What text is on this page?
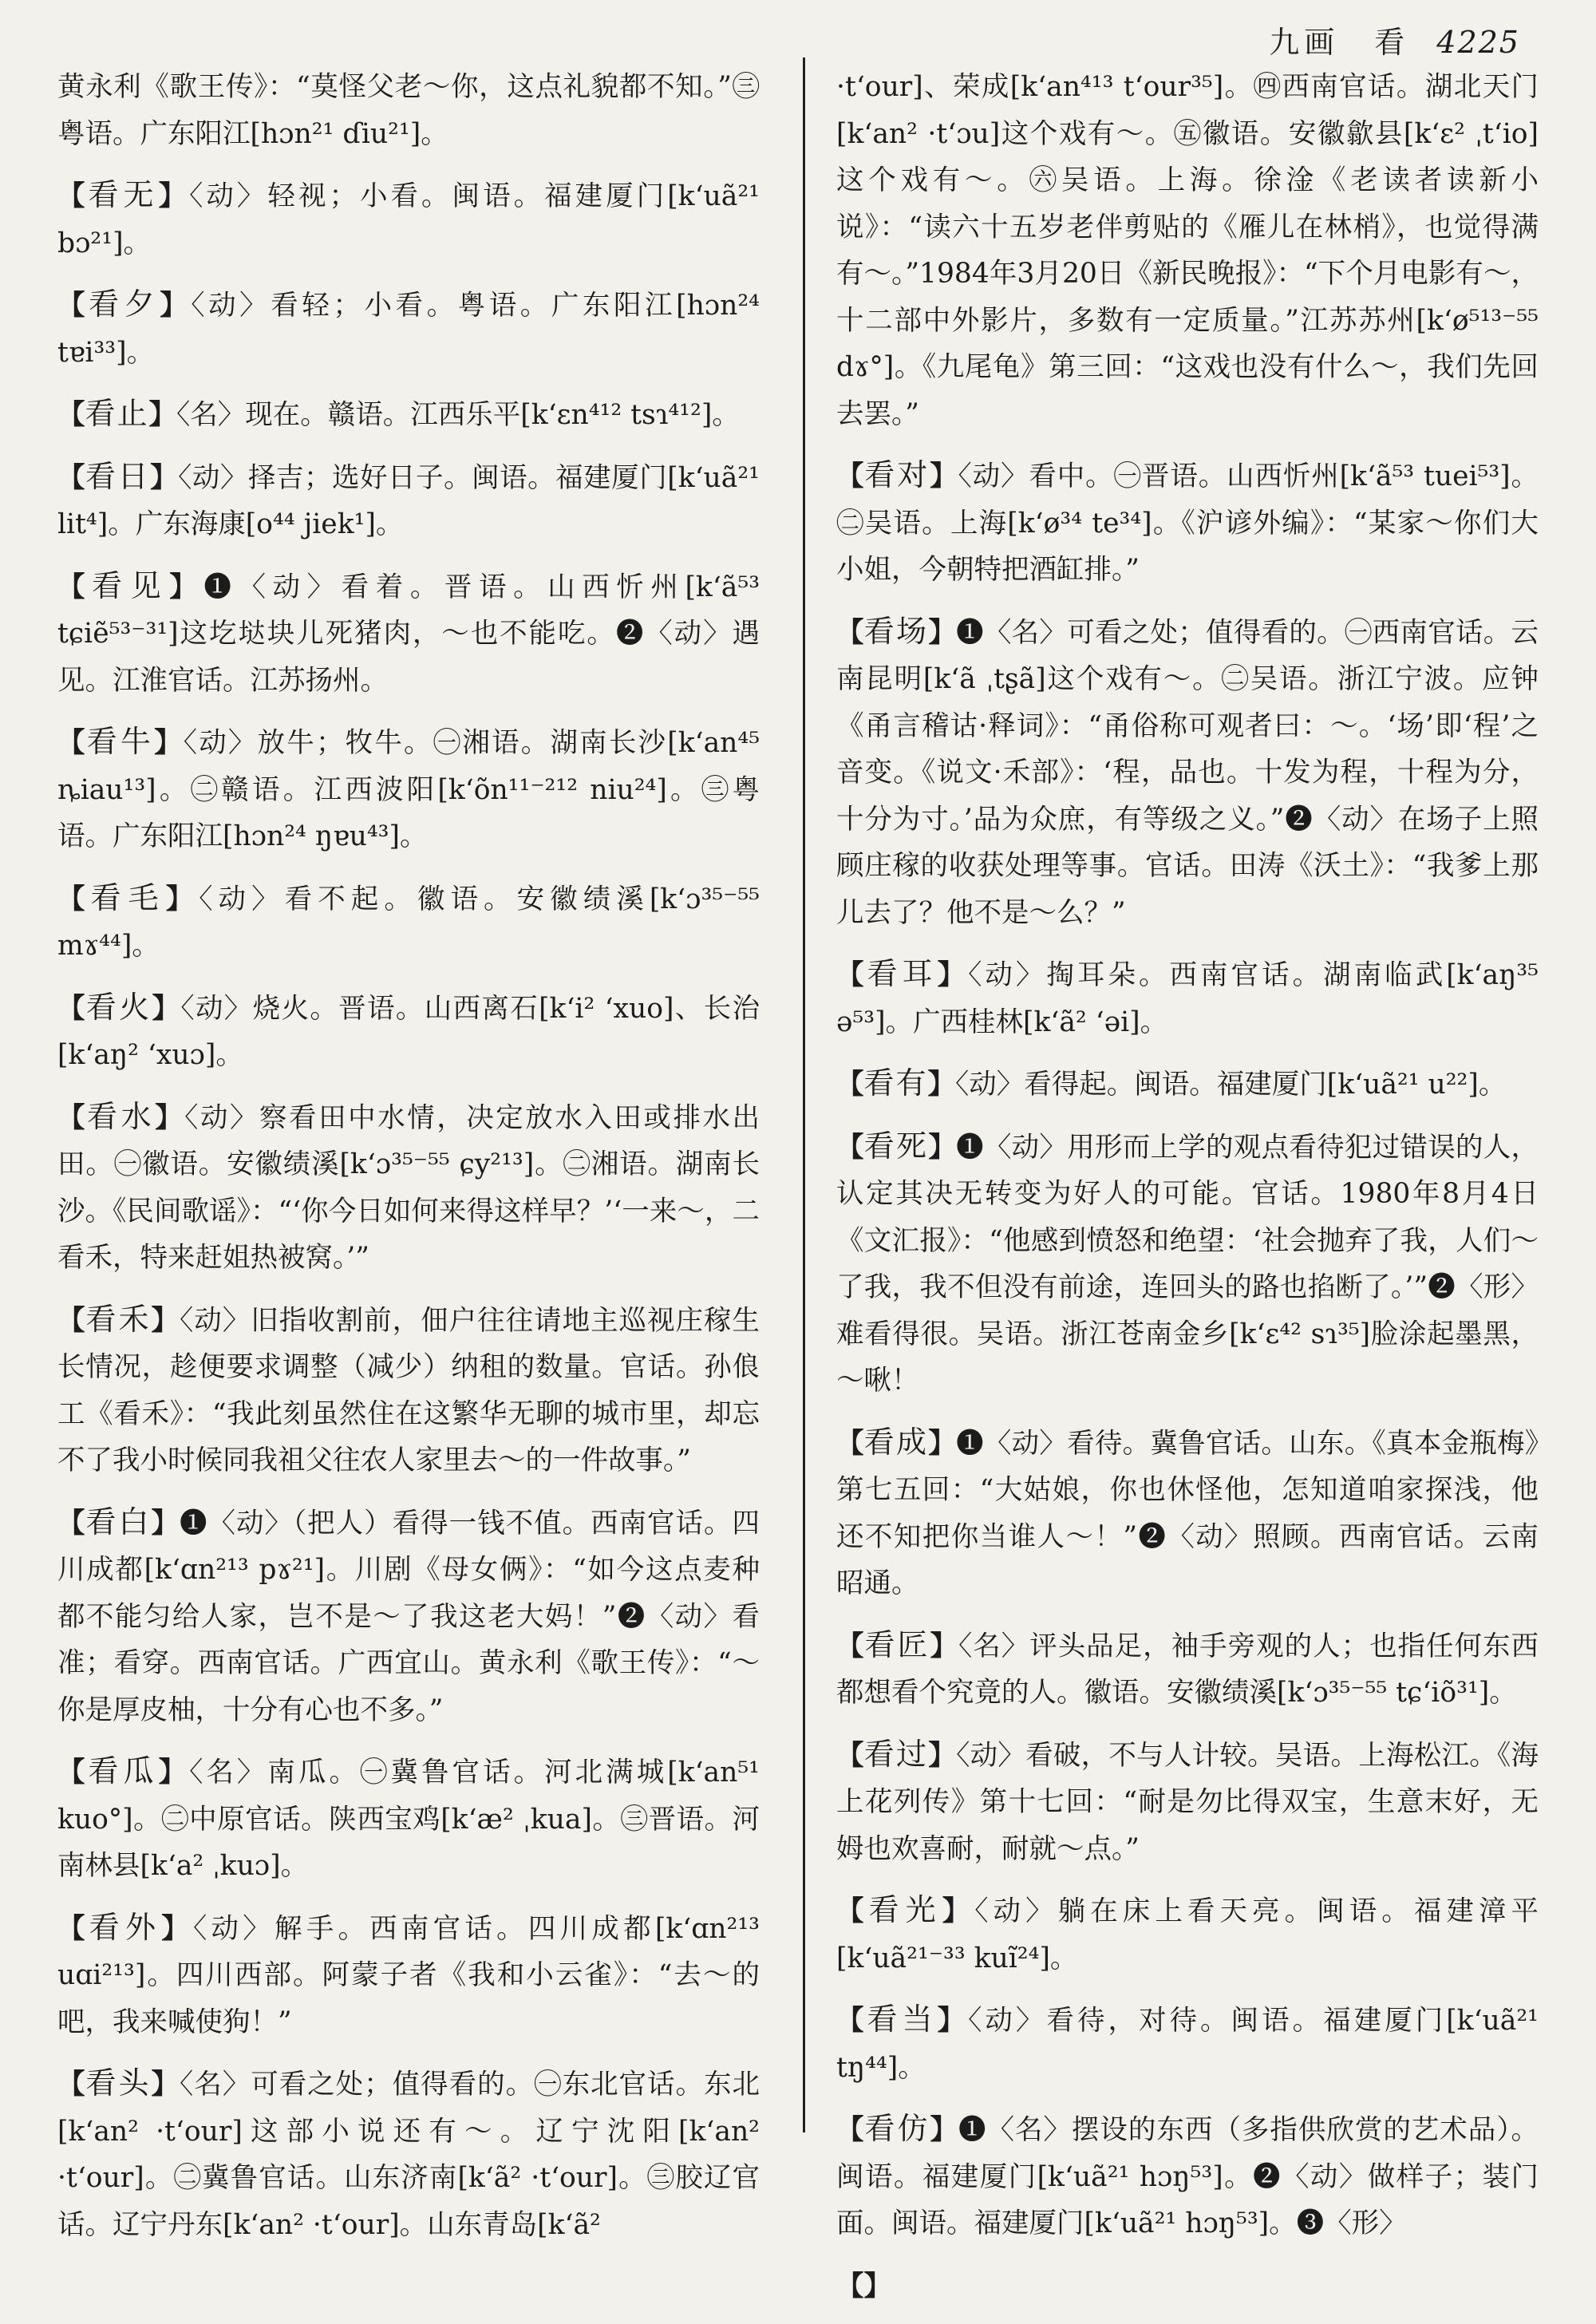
九画　看 4225

黄永利《歌王传》：“莫怪父老～你，这点礼貌都不知。”㊂粤语。广东阳江[hɔn²¹ ɗiu²¹]。

【看无】〈动〉轻视；小看。闽语。福建厦门[k‘uã²¹ bɔ²¹]。

【看夕】〈动〉看轻；小看。粤语。广东阳江[hɔn²⁴ tɐi³³]。

【看止】〈名〉现在。赣语。江西乐平[k‘ɛn⁴¹² tsɿ⁴¹²]。

【看日】〈动〉择吉；选好日子。闽语。福建厦门[k‘uã²¹ lit⁴]。广东海康[o⁴⁴ jiek¹]。

【看见】❶〈动〉看着。晋语。山西忻州[k‘ã⁵³ tɕiẽ⁵³⁻³¹]这圪垯块儿死猪肉，～也不能吃。❷〈动〉遇见。江淮官话。江苏扬州。

【看牛】〈动〉放牛；牧牛。㊀湘语。湖南长沙[k‘an⁴⁵ ȵiau¹³]。㊁赣语。江西波阳[k‘õn¹¹⁻²¹² niu²⁴]。㊂粤语。广东阳江[hɔn²⁴ ŋɐu⁴³]。

【看毛】〈动〉看不起。徽语。安徽绩溪[k‘ɔ³⁵⁻⁵⁵ mɤ⁴⁴]。

【看火】〈动〉烧火。晋语。山西离石[k‘i² ‘xuo]、长治[k‘aŋ² ‘xuɔ]。

【看水】〈动〉察看田中水情，决定放水入田或排水出田。㊀徽语。安徽绩溪[k‘ɔ³⁵⁻⁵⁵ ɕy²¹³]。㊁湘语。湖南长沙。《民间歌谣》：“‘你今日如何来得这样早？’‘一来～，二看禾，特来赶姐热被窝。’”

【看禾】〈动〉旧指收割前，佃户往往请地主巡视庄稼生长情况，趁便要求调整（减少）纳租的数量。官话。孙俍工《看禾》：“我此刻虽然住在这繁华无聊的城市里，却忘不了我小时候同我祖父往农人家里去～的一件故事。”

【看白】❶〈动〉（把人）看得一钱不值。西南官话。四川成都[k‘ɑn²¹³ pɤ²¹]。川剧《母女俩》：“如今这点麦种都不能匀给人家，岂不是～了我这老大妈！”❷〈动〉看准；看穿。西南官话。广西宜山。黄永利《歌王传》：“～你是厚皮柚，十分有心也不多。”

【看瓜】〈名〉南瓜。㊀冀鲁官话。河北满城[k‘an⁵¹ kuo°]。㊁中原官话。陕西宝鸡[k‘æ² ˌkua]。㊂晋语。河南林县[k‘a² ˌkuɔ]。

【看外】〈动〉解手。西南官话。四川成都[k‘ɑn²¹³ uɑi²¹³]。四川西部。阿蒙子者《我和小云雀》：“去～的吧，我来喊使狗！”

【看头】〈名〉可看之处；值得看的。㊀东北官话。东北[k‘an² ·t‘our]这部小说还有～。辽宁沈阳[k‘an² ·t‘our]。㊁冀鲁官话。山东济南[k‘ã² ·t‘our]。㊂胶辽官话。辽宁丹东[k‘an² ·t‘our]。山东青岛[k‘ã²

·t‘our]、荣成[k‘an⁴¹³ t‘our³⁵]。㊃西南官话。湖北天门[k‘an² ·t‘ɔu]这个戏有～。㊄徽语。安徽歙县[k‘ɛ² ˌt‘io]这个戏有～。㊅吴语。上海。徐淦《老读者读新小说》：“读六十五岁老伴剪贴的《雁儿在林梢》，也觉得满有～。”1984年3月20日《新民晚报》：“下个月电影有～，十二部中外影片，多数有一定质量。”江苏苏州[k‘ø⁵¹³⁻⁵⁵ dɤ°]。《九尾龟》第三回：“这戏也没有什么～，我们先回去罢。”

【看对】〈动〉看中。㊀晋语。山西忻州[k‘ã⁵³ tuei⁵³]。㊁吴语。上海[k‘ø³⁴ te³⁴]。《沪谚外编》：“某家～你们大小姐，今朝特把酒缸排。”

【看场】❶〈名〉可看之处；值得看的。㊀西南官话。云南昆明[k‘ã ˌtʂã]这个戏有～。㊁吴语。浙江宁波。应钟《甬言稽诂·释词》：“甬俗称可观者曰：～。‘场’即‘程’之音变。《说文·禾部》：‘程，品也。十发为程，十程为分，十分为寸。’品为众庶，有等级之义。”❷〈动〉在场子上照顾庄稼的收获处理等事。官话。田涛《沃土》：“我爹上那儿去了？他不是～么？”

【看耳】〈动〉掏耳朵。西南官话。湖南临武[k‘aŋ³⁵ ə⁵³]。广西桂林[k‘ã² ‘əi]。

【看有】〈动〉看得起。闽语。福建厦门[k‘uã²¹ u²²]。

【看死】❶〈动〉用形而上学的观点看待犯过错误的人，认定其决无转变为好人的可能。官话。1980年8月4日《文汇报》：“他感到愤怒和绝望：‘社会抛弃了我，人们～了我，我不但没有前途，连回头的路也掐断了。’”❷〈形〉难看得很。吴语。浙江苍南金乡[k‘ɛ⁴² sɿ³⁵]脸涂起墨黑，～啾！

【看成】❶〈动〉看待。冀鲁官话。山东。《真本金瓶梅》第七五回：“大姑娘，你也休怪他，怎知道咱家探浅，他还不知把你当谁人～！”❷〈动〉照顾。西南官话。云南昭通。

【看匠】〈名〉评头品足，袖手旁观的人；也指任何东西都想看个究竟的人。徽语。安徽绩溪[k‘ɔ³⁵⁻⁵⁵ tɕ‘iõ³¹]。

【看过】〈动〉看破，不与人计较。吴语。上海松江。《海上花列传》第十七回：“耐是勿比得双宝，生意末好，无姆也欢喜耐，耐就～点。”

【看光】〈动〉躺在床上看天亮。闽语。福建漳平[k‘uã²¹⁻³³ kuĩ²⁴]。

【看当】〈动〉看待，对待。闽语。福建厦门[k‘uã²¹ tŋ⁴⁴]。

【看仿】❶〈名〉摆设的东西（多指供欣赏的艺术品）。闽语。福建厦门[k‘uã²¹ hɔŋ⁵³]。❷〈动〉做样子；装门面。闽语。福建厦门[k‘uã²¹ hɔŋ⁵³]。❸〈形〉

【】
